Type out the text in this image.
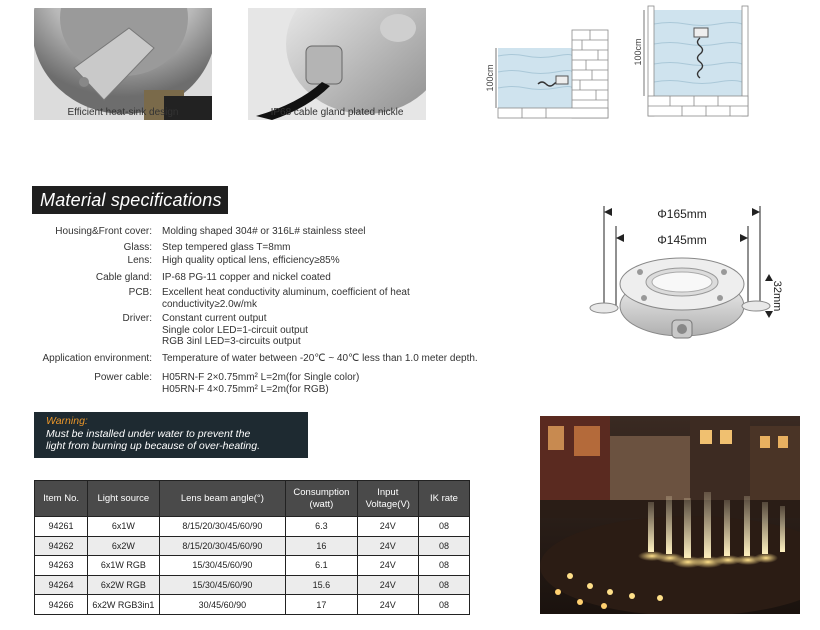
Efficient heat-sink design	IP68 cable gland plated nickle
100cm
100cm
Material specifications
Housing&Front cover: Molding shaped 304# or 316L# stainless steel
Glass: Step tempered glass T=8mm
Lens: High quality optical lens, efficiency≥85%
Cable gland: IP-68 PG-11 copper and nickel coated
PCB: Excellent heat conductivity aluminum, coefficient of heat
conductivity≥2.0w/mk
Driver: Constant current output
Single color LED=1-circuit output
RGB 3inl LED=3-circuits output
Application environment: Temperature of water between -20℃ ~ 40℃ less than 1.0 meter depth.
Power cable: H05RN-F 2×0.75mm² L=2m(for Single color)
H05RN-F 4×0.75mm² L=2m(for RGB)
Φ165mm
Φ145mm
32mm
Warning:
Must be installed under water to prevent the
light from burning up because of over-heating.
Item No.	Light source	Lens beam angle(°)	Consumption (watt)	Input Voltage(V)	IK rate
94261	6x1W	8/15/20/30/45/60/90	6.3	24V	08
94262	6x2W	8/15/20/30/45/60/90	16	24V	08
94263	6x1W RGB	15/30/45/60/90	6.1	24V	08
94264	6x2W RGB	15/30/45/60/90	15.6	24V	08
94266	6x2W RGB3in1	30/45/60/90	17	24V	08
